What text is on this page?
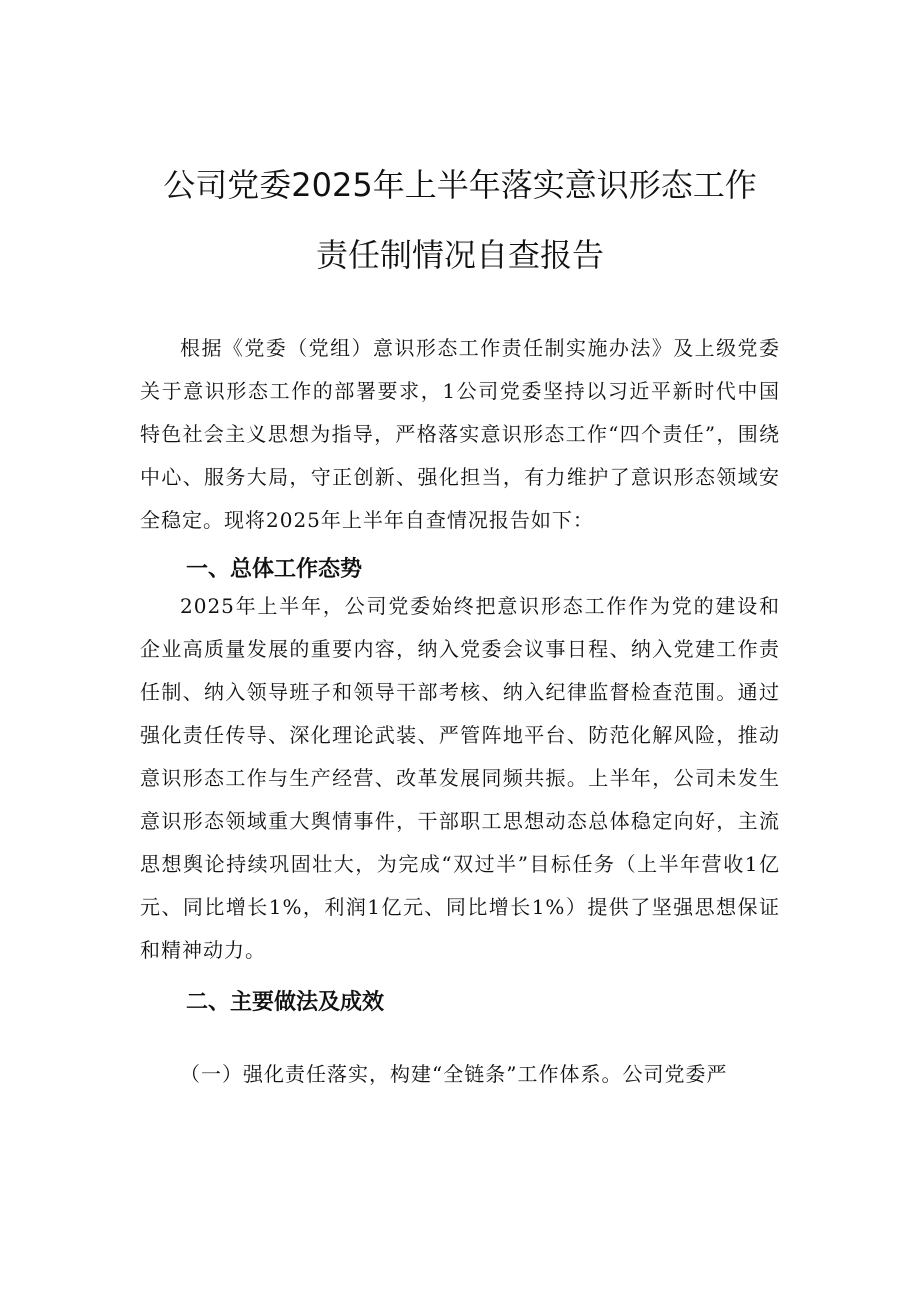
公司党委2025年上半年落实意识形态工作
责任制情况自查报告

根据《党委（党组）意识形态工作责任制实施办法》及上级党委关于意识形态工作的部署要求，1公司党委坚持以习近平新时代中国特色社会主义思想为指导，严格落实意识形态工作“四个责任”，围绕中心、服务大局，守正创新、强化担当，有力维护了意识形态领域安全稳定。现将2025年上半年自查情况报告如下：

一、总体工作态势

2025年上半年，公司党委始终把意识形态工作作为党的建设和企业高质量发展的重要内容，纳入党委会议事日程、纳入党建工作责任制、纳入领导班子和领导干部考核、纳入纪律监督检查范围。通过强化责任传导、深化理论武装、严管阵地平台、防范化解风险，推动意识形态工作与生产经营、改革发展同频共振。上半年，公司未发生意识形态领域重大舆情事件，干部职工思想动态总体稳定向好，主流思想舆论持续巩固壮大，为完成“双过半”目标任务（上半年营收1亿元、同比增长1%，利润1亿元、同比增长1%）提供了坚强思想保证和精神动力。

二、主要做法及成效

（一）强化责任落实，构建“全链条”工作体系。公司党委严
